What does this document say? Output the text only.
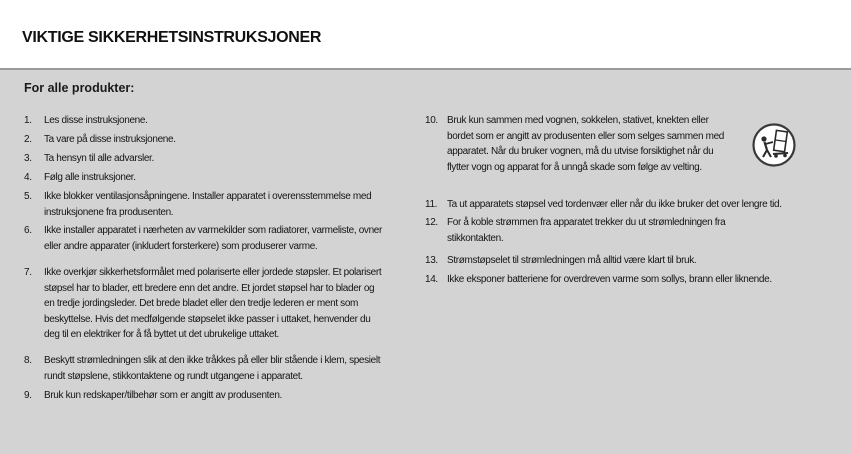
VIKTIGE SIKKERHETSINSTRUKSJONER
For alle produkter:
1.	Les disse instruksjonene.
2.	Ta vare på disse instruksjonene.
3.	Ta hensyn til alle advarsler.
4.	Følg alle instruksjoner.
5.	Ikke blokker ventilasjonsåpningene. Installer apparatet i overensstemmelse med instruksjonene fra produsenten.
6.	Ikke installer apparatet i nærheten av varmekilder som radiatorer, varmeliste, ovner eller andre apparater (inkludert forsterkere) som produserer varme.
7.	Ikke overkjør sikkerhetsformålet med polariserte eller jordede støpsler. Et polarisert støpsel har to blader, ett bredere enn det andre. Et jordet støpsel har to blader og en tredje jordingsleder. Det brede bladet eller den tredje lederen er ment som beskyttelse. Hvis det medfølgende støpselet ikke passer i uttaket, henvender du deg til en elektriker for å få byttet ut det ubrukelige uttaket.
8.	Beskytt strømledningen slik at den ikke tråkkes på eller blir stående i klem, spesielt rundt støpslene, stikkontaktene og rundt utgangene i apparatet.
9.	Bruk kun redskaper/tilbehør som er angitt av produsenten.
10. Bruk kun sammen med vognen, sokkelen, stativet, knekten eller bordet som er angitt av produsenten eller som selges sammen med apparatet. Når du bruker vognen, må du utvise forsiktighet når du flytter vogn og apparat for å unngå skade som følge av velting.
11. Ta ut apparatets støpsel ved tordenvær eller når du ikke bruker det over lengre tid.
12. For å koble strømmen fra apparatet trekker du ut strømledningen fra stikkontakten.
13. Strømstøpselet til strømledningen må alltid være klart til bruk.
14. Ikke eksponer batteriene for overdreven varme som sollys, brann eller liknende.
